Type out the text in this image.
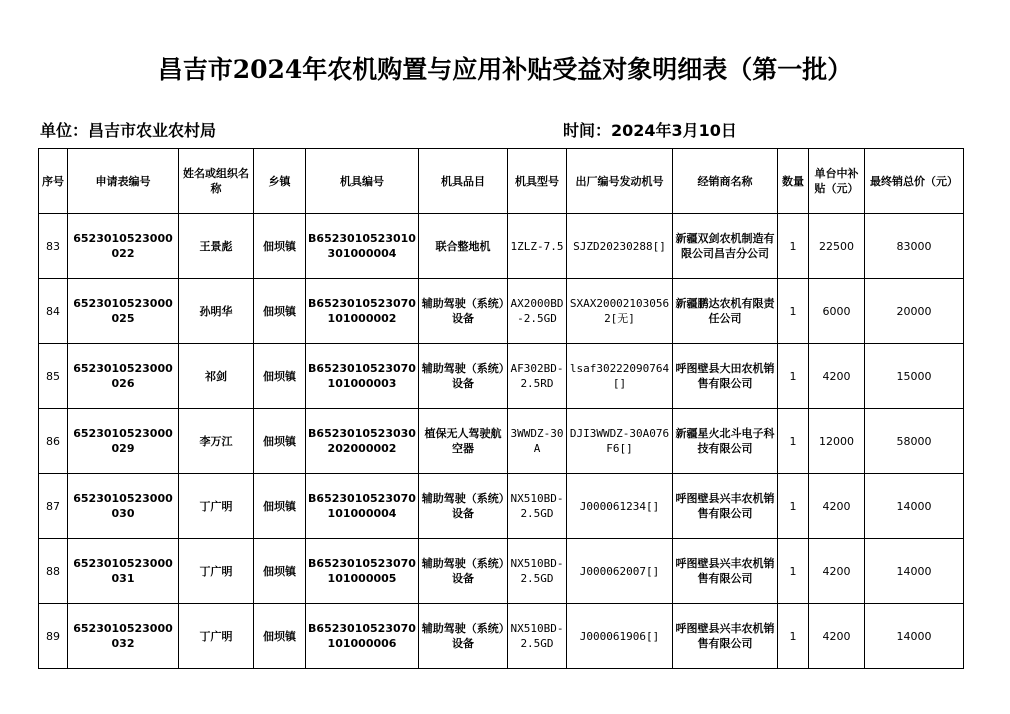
昌吉市2024年农机购置与应用补贴受益对象明细表（第一批）
单位：昌吉市农业农村局	时间：2024年3月10日
序号	申请表编号	姓名或组织名称	乡镇	机具编号	机具品目	机具型号	出厂编号发动机号	经销商名称	数量	单台中补贴（元）	最终销总价（元）
83	6523010523000022	王景彪	佃坝镇	B6523010523010301000004	联合整地机	1ZLZ-7.5	SJZD20230288[]	新疆双剑农机制造有限公司昌吉分公司	1	22500	83000
84	6523010523000025	孙明华	佃坝镇	B6523010523070101000002	辅助驾驶（系统）设备	AX2000BD-2.5GD	SXAX200021030562[无]	新疆鹏达农机有限责任公司	1	6000	20000
85	6523010523000026	祁剑	佃坝镇	B6523010523070101000003	辅助驾驶（系统）设备	AF302BD-2.5RD	lsaf30222090764[]	呼图壁县大田农机销售有限公司	1	4200	15000
86	6523010523000029	李万江	佃坝镇	B6523010523030202000002	植保无人驾驶航空器	3WWDZ-30A	DJI3WWDZ-30A076F6[]	新疆星火北斗电子科技有限公司	1	12000	58000
87	6523010523000030	丁广明	佃坝镇	B6523010523070101000004	辅助驾驶（系统）设备	NX510BD-2.5GD	J000061234[]	呼图壁县兴丰农机销售有限公司	1	4200	14000
88	6523010523000031	丁广明	佃坝镇	B6523010523070101000005	辅助驾驶（系统）设备	NX510BD-2.5GD	J000062007[]	呼图壁县兴丰农机销售有限公司	1	4200	14000
89	6523010523000032	丁广明	佃坝镇	B6523010523070101000006	辅助驾驶（系统）设备	NX510BD-2.5GD	J000061906[]	呼图壁县兴丰农机销售有限公司	1	4200	14000
